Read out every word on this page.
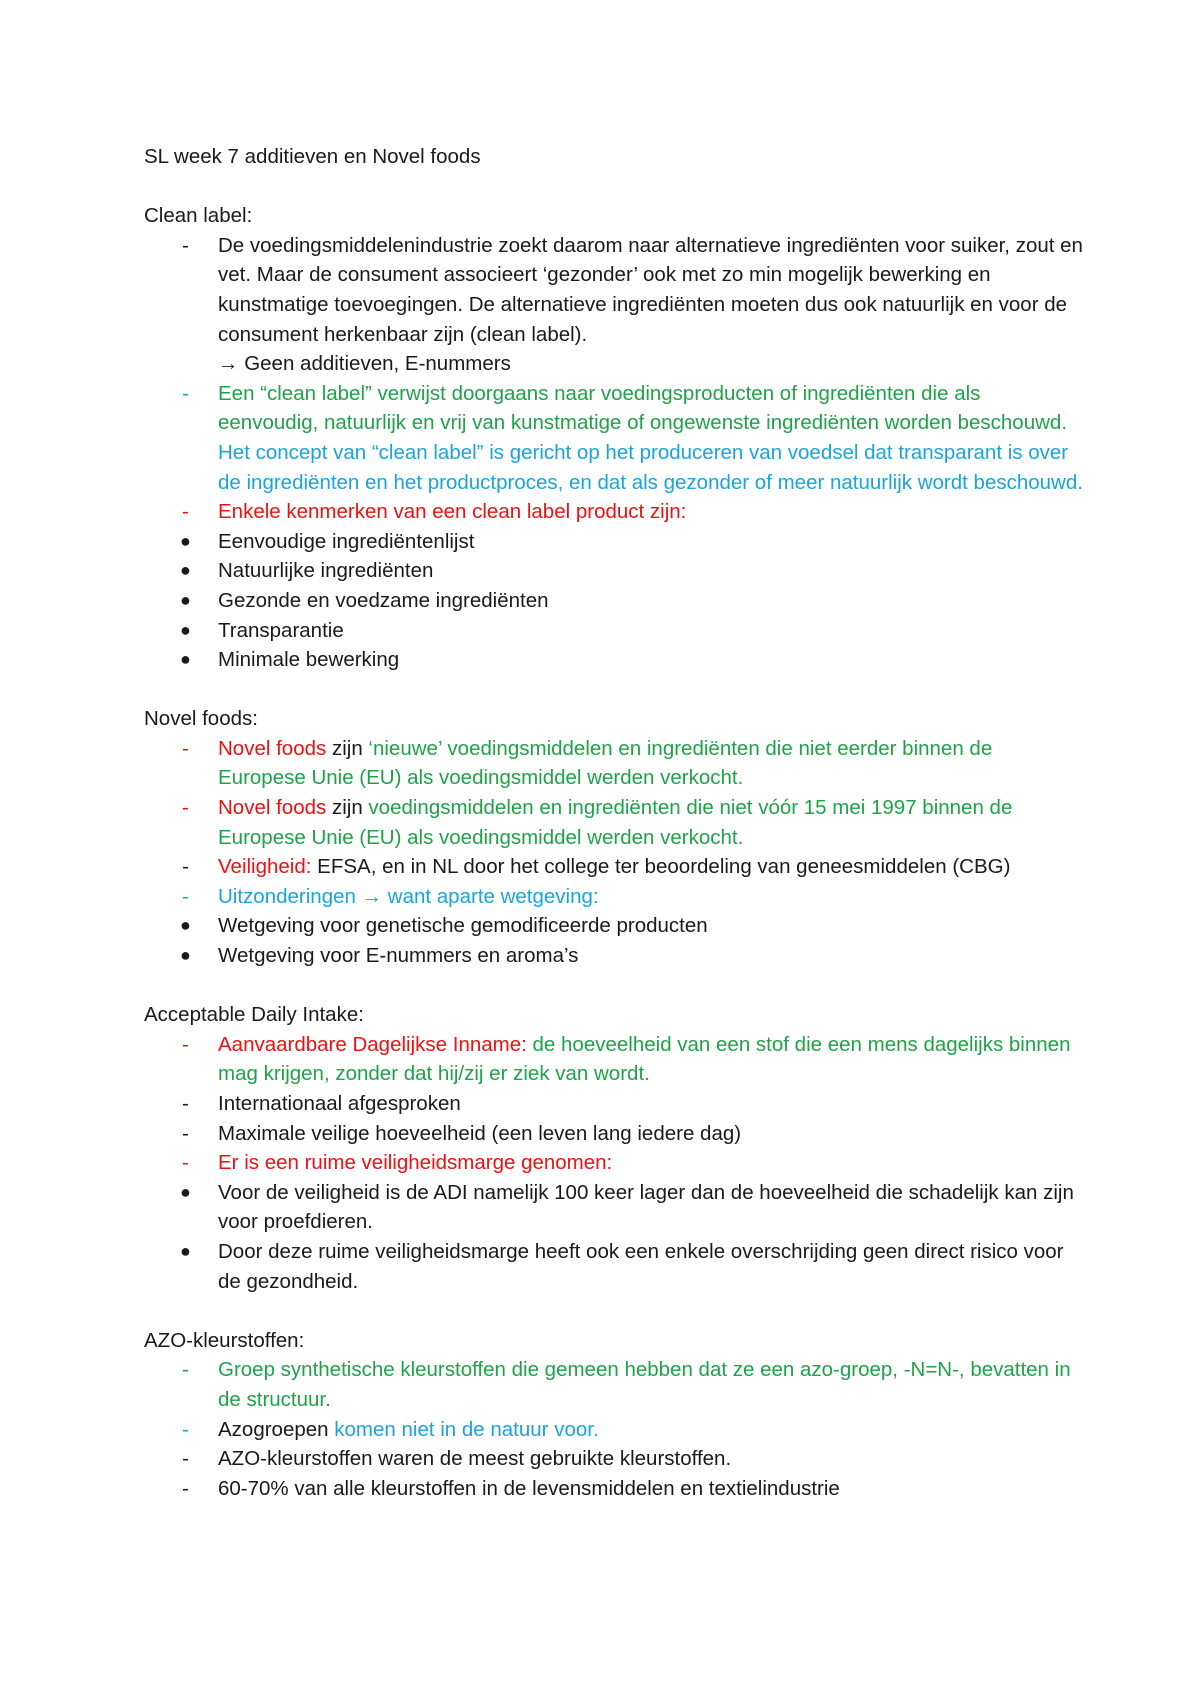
SL week 7 additieven en Novel foods
Clean label:
- De voedingsmiddelenindustrie zoekt daarom naar alternatieve ingrediënten voor suiker, zout en vet. Maar de consument associeert ‘gezonder’ ook met zo min mogelijk bewerking en kunstmatige toevoegingen. De alternatieve ingrediënten moeten dus ook natuurlijk en voor de consument herkenbaar zijn (clean label).
→ Geen additieven, E-nummers
- Een “clean label” verwijst doorgaans naar voedingsproducten of ingrediënten die als eenvoudig, natuurlijk en vrij van kunstmatige of ongewenste ingrediënten worden beschouwd. Het concept van “clean label” is gericht op het produceren van voedsel dat transparant is over de ingrediënten en het productproces, en dat als gezonder of meer natuurlijk wordt beschouwd.
- Enkele kenmerken van een clean label product zijn:
● Eenvoudige ingrediëntenlijst
● Natuurlijke ingrediënten
● Gezonde en voedzame ingrediënten
● Transparantie
● Minimale bewerking
Novel foods:
- Novel foods zijn ‘nieuwe’ voedingsmiddelen en ingrediënten die niet eerder binnen de Europese Unie (EU) als voedingsmiddel werden verkocht.
- Novel foods zijn voedingsmiddelen en ingrediënten die niet vóór 15 mei 1997 binnen de Europese Unie (EU) als voedingsmiddel werden verkocht.
- Veiligheid: EFSA, en in NL door het college ter beoordeling van geneesmiddelen (CBG)
- Uitzonderingen → want aparte wetgeving:
● Wetgeving voor genetische gemodificeerde producten
● Wetgeving voor E-nummers en aroma’s
Acceptable Daily Intake:
- Aanvaardbare Dagelijkse Inname: de hoeveelheid van een stof die een mens dagelijks binnen mag krijgen, zonder dat hij/zij er ziek van wordt.
- Internationaal afgesproken
- Maximale veilige hoeveelheid (een leven lang iedere dag)
- Er is een ruime veiligheidsmarge genomen:
● Voor de veiligheid is de ADI namelijk 100 keer lager dan de hoeveelheid die schadelijk kan zijn voor proefdieren.
● Door deze ruime veiligheidsmarge heeft ook een enkele overschrijding geen direct risico voor de gezondheid.
AZO-kleurstoffen:
- Groep synthetische kleurstoffen die gemeen hebben dat ze een azo-groep, -N=N-, bevatten in de structuur.
- Azogroepen komen niet in de natuur voor.
- AZO-kleurstoffen waren de meest gebruikte kleurstoffen.
- 60-70% van alle kleurstoffen in de levensmiddelen en textielindustrie
